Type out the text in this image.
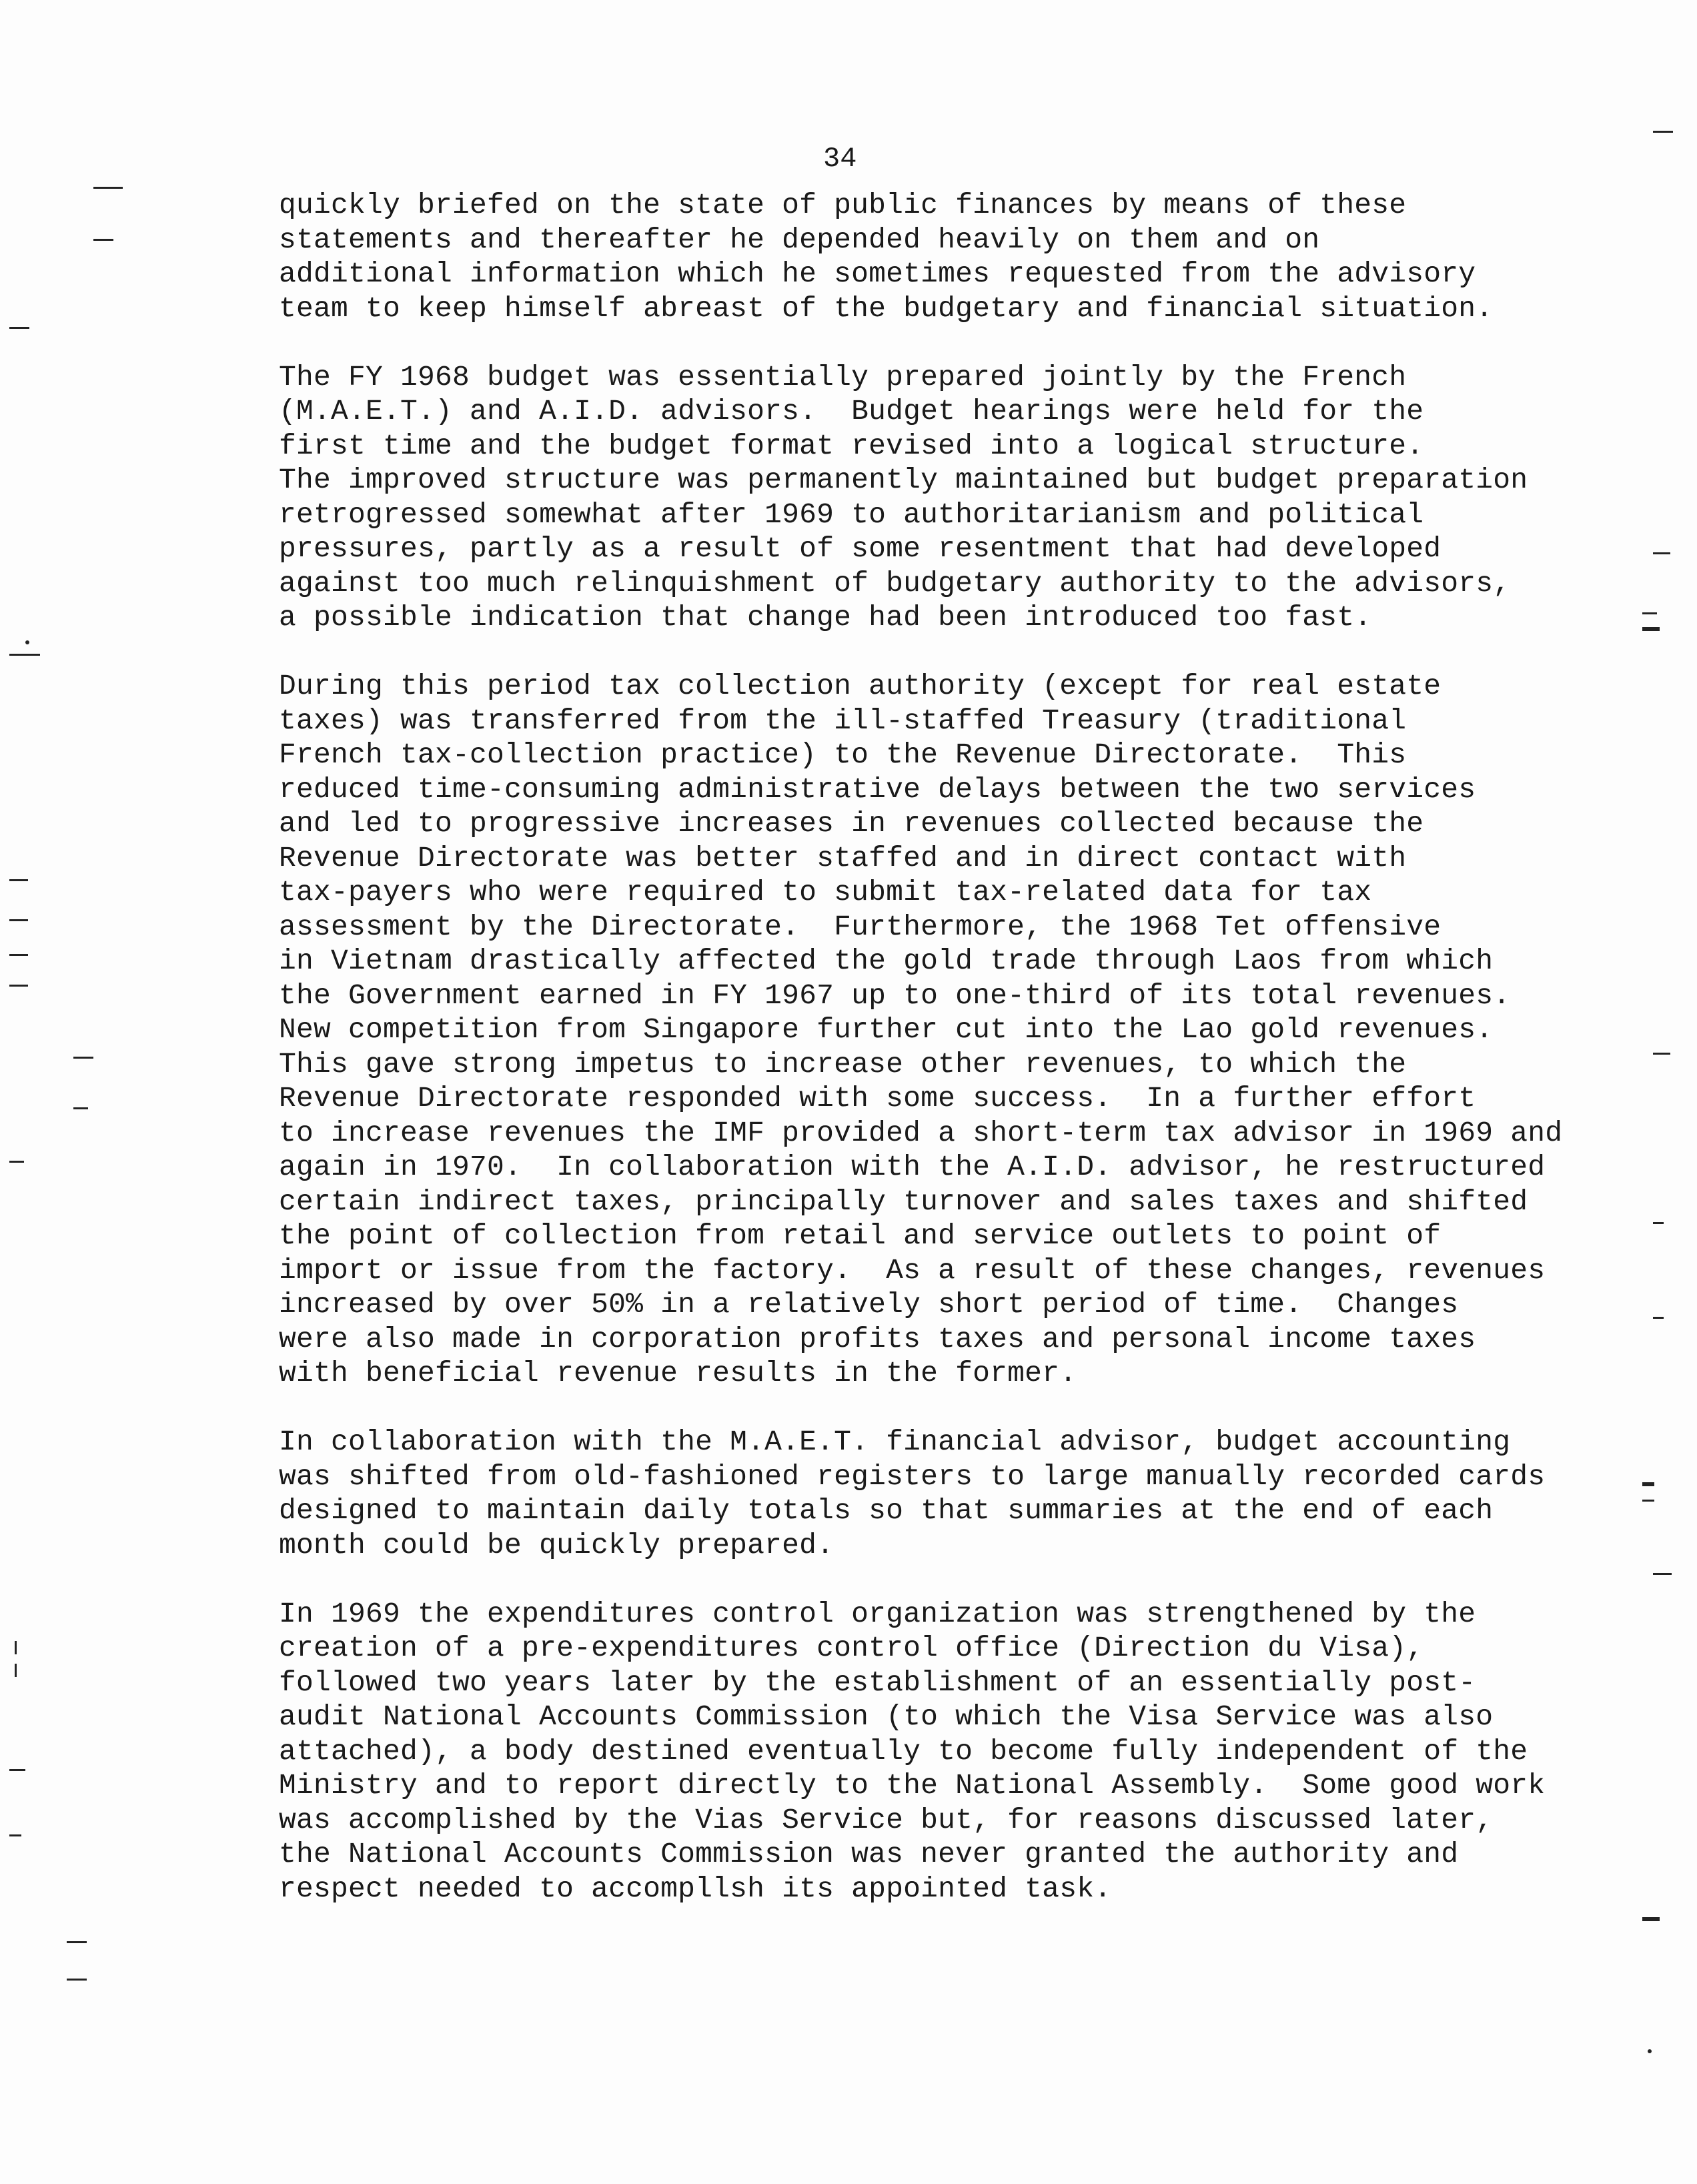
34
quickly briefed on the state of public finances by means of these
statements and thereafter he depended heavily on them and on
additional information which he sometimes requested from the advisory
team to keep himself abreast of the budgetary and financial situation.
The FY 1968 budget was essentially prepared jointly by the French
(M.A.E.T.) and A.I.D. advisors.  Budget hearings were held for the
first time and the budget format revised into a logical structure.
The improved structure was permanently maintained but budget preparation
retrogressed somewhat after 1969 to authoritarianism and political
pressures, partly as a result of some resentment that had developed
against too much relinquishment of budgetary authority to the advisors,
a possible indication that change had been introduced too fast.
During this period tax collection authority (except for real estate
taxes) was transferred from the ill-staffed Treasury (traditional
French tax-collection practice) to the Revenue Directorate.  This
reduced time-consuming administrative delays between the two services
and led to progressive increases in revenues collected because the
Revenue Directorate was better staffed and in direct contact with
tax-payers who were required to submit tax-related data for tax
assessment by the Directorate.  Furthermore, the 1968 Tet offensive
in Vietnam drastically affected the gold trade through Laos from which
the Government earned in FY 1967 up to one-third of its total revenues.
New competition from Singapore further cut into the Lao gold revenues.
This gave strong impetus to increase other revenues, to which the
Revenue Directorate responded with some success.  In a further effort
to increase revenues the IMF provided a short-term tax advisor in 1969 and
again in 1970.  In collaboration with the A.I.D. advisor, he restructured
certain indirect taxes, principally turnover and sales taxes and shifted
the point of collection from retail and service outlets to point of
import or issue from the factory.  As a result of these changes, revenues
increased by over 50% in a relatively short period of time.  Changes
were also made in corporation profits taxes and personal income taxes
with beneficial revenue results in the former.
In collaboration with the M.A.E.T. financial advisor, budget accounting
was shifted from old-fashioned registers to large manually recorded cards
designed to maintain daily totals so that summaries at the end of each
month could be quickly prepared.
In 1969 the expenditures control organization was strengthened by the
creation of a pre-expenditures control office (Direction du Visa),
followed two years later by the establishment of an essentially post-
audit National Accounts Commission (to which the Visa Service was also
attached), a body destined eventually to become fully independent of the
Ministry and to report directly to the National Assembly.  Some good work
was accomplished by the Vias Service but, for reasons discussed later,
the National Accounts Commission was never granted the authority and
respect needed to accompllsh its appointed task.
